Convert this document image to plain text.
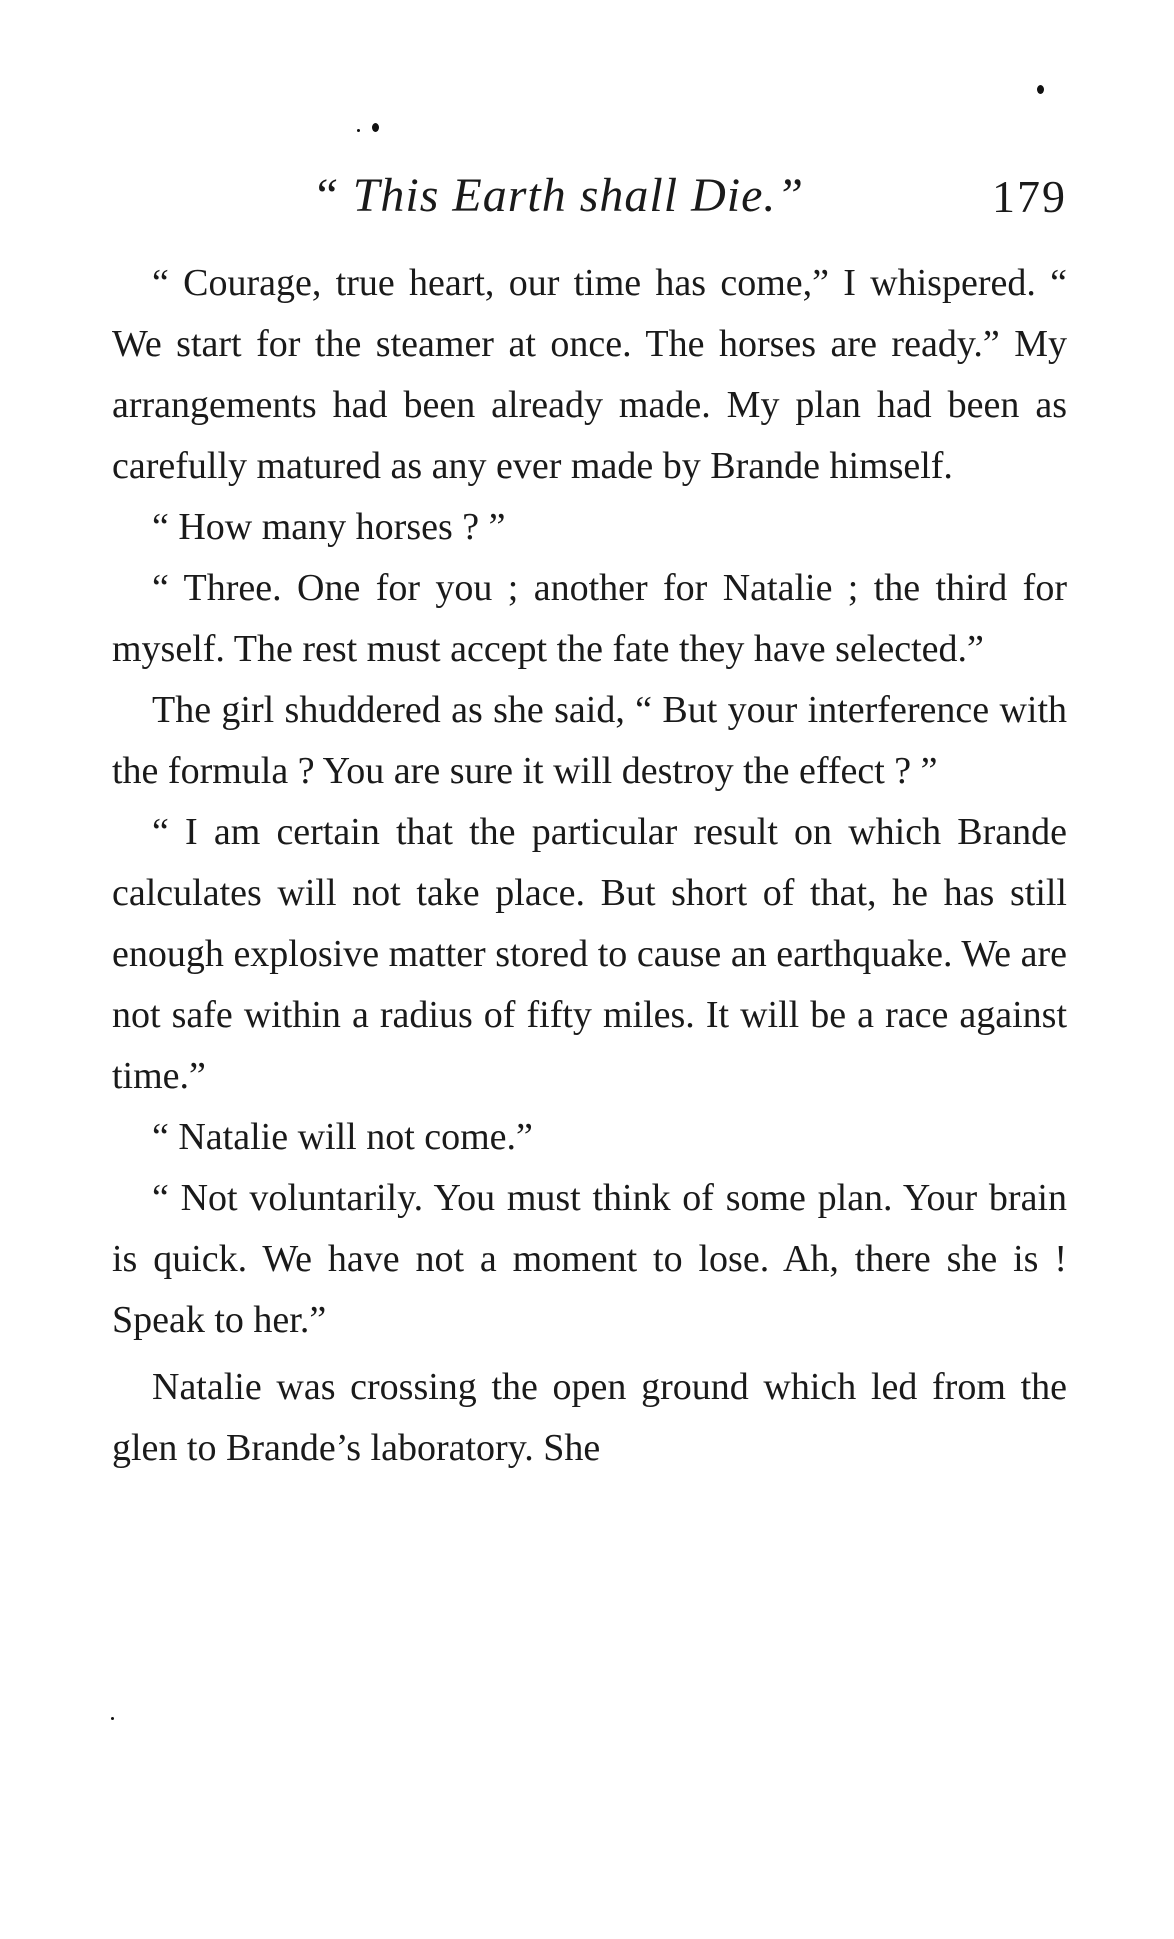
“ This Earth shall Die.”	179

“ Courage, true heart, our time has come,” I whispered. “ We start for the steamer at once. The horses are ready.” My arrangements had been already made. My plan had been as carefully matured as any ever made by Brande himself.

“ How many horses ? ”

“ Three. One for you ; another for Natalie ; the third for myself. The rest must accept the fate they have selected.”

The girl shuddered as she said, “ But your interference with the formula ? You are sure it will destroy the effect ? ”

“ I am certain that the particular result on which Brande calculates will not take place. But short of that, he has still enough explosive matter stored to cause an earthquake. We are not safe within a radius of fifty miles. It will be a race against time.”

“ Natalie will not come.”

“ Not voluntarily. You must think of some plan. Your brain is quick. We have not a moment to lose. Ah, there she is ! Speak to her.”

Natalie was crossing the open ground which led from the glen to Brande’s laboratory. She
